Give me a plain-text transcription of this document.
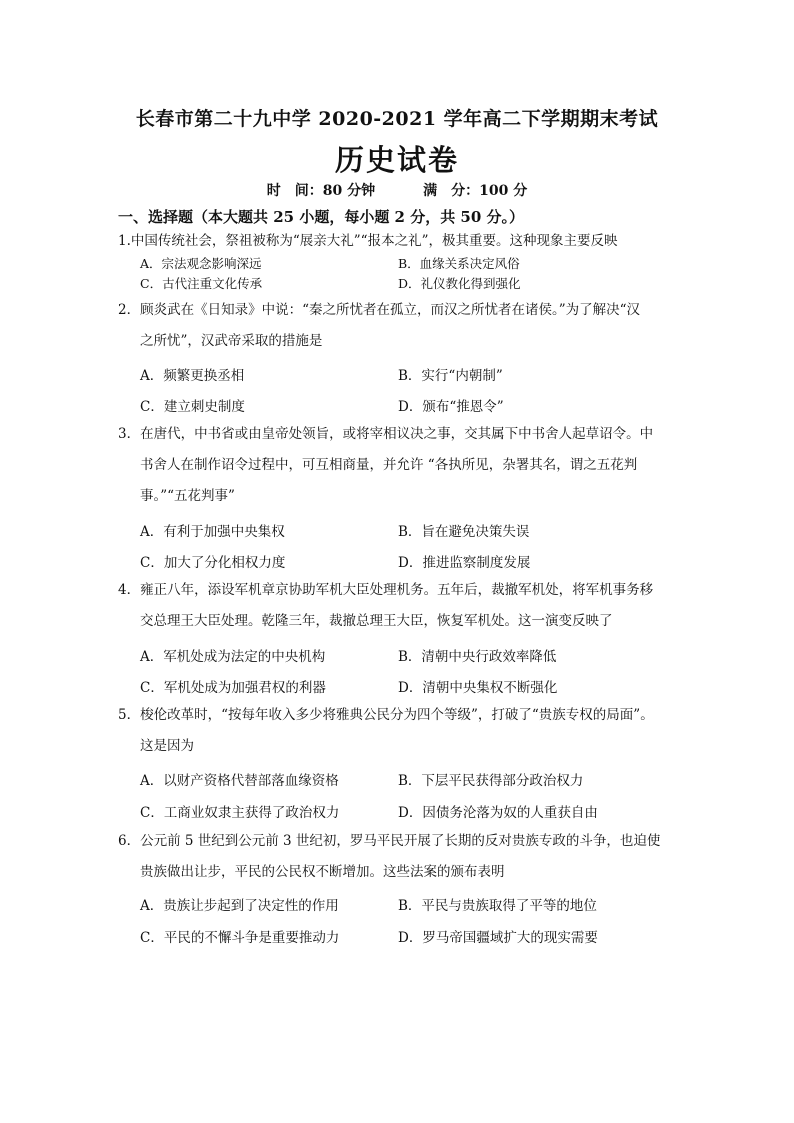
长春市第二十九中学 2020-2021 学年高二下学期期末考试
历史试卷
时　间：80 分钟	满　分：100 分
一、选择题（本大题共 25 小题，每小题 2 分，共 50 分。）
1.中国传统社会，祭祖被称为“展亲大礼”“报本之礼”，极其重要。这种现象主要反映
A．宗法观念影响深远	B．血缘关系决定风俗
C．古代注重文化传承	D．礼仪教化得到强化
2．顾炎武在《日知录》中说：“秦之所忧者在孤立，而汉之所忧者在诸侯。”为了解决“汉
之所忧”，汉武帝采取的措施是
A．频繁更换丞相	B．实行“内朝制”
C．建立刺史制度	D．颁布“推恩令”
3．在唐代，中书省或由皇帝处领旨，或将宰相议决之事，交其属下中书舍人起草诏令。中
书舍人在制作诏令过程中，可互相商量，并允许 “各执所见，杂署其名，谓之五花判
事。”“五花判事”
A．有利于加强中央集权	B．旨在避免决策失误
C．加大了分化相权力度	D．推进监察制度发展
4．雍正八年，添设军机章京协助军机大臣处理机务。五年后，裁撤军机处，将军机事务移
交总理王大臣处理。乾隆三年，裁撤总理王大臣，恢复军机处。这一演变反映了
A．军机处成为法定的中央机构	B．清朝中央行政效率降低
C．军机处成为加强君权的利器	D．清朝中央集权不断强化
5．梭伦改革时，“按每年收入多少将雅典公民分为四个等级”，打破了“贵族专权的局面”。
这是因为
A．以财产资格代替部落血缘资格	B．下层平民获得部分政治权力
C．工商业奴隶主获得了政治权力	D．因债务沦落为奴的人重获自由
6．公元前 5 世纪到公元前 3 世纪初，罗马平民开展了长期的反对贵族专政的斗争，也迫使
贵族做出让步，平民的公民权不断增加。这些法案的颁布表明
A．贵族让步起到了决定性的作用	B．平民与贵族取得了平等的地位
C．平民的不懈斗争是重要推动力	D．罗马帝国疆域扩大的现实需要
